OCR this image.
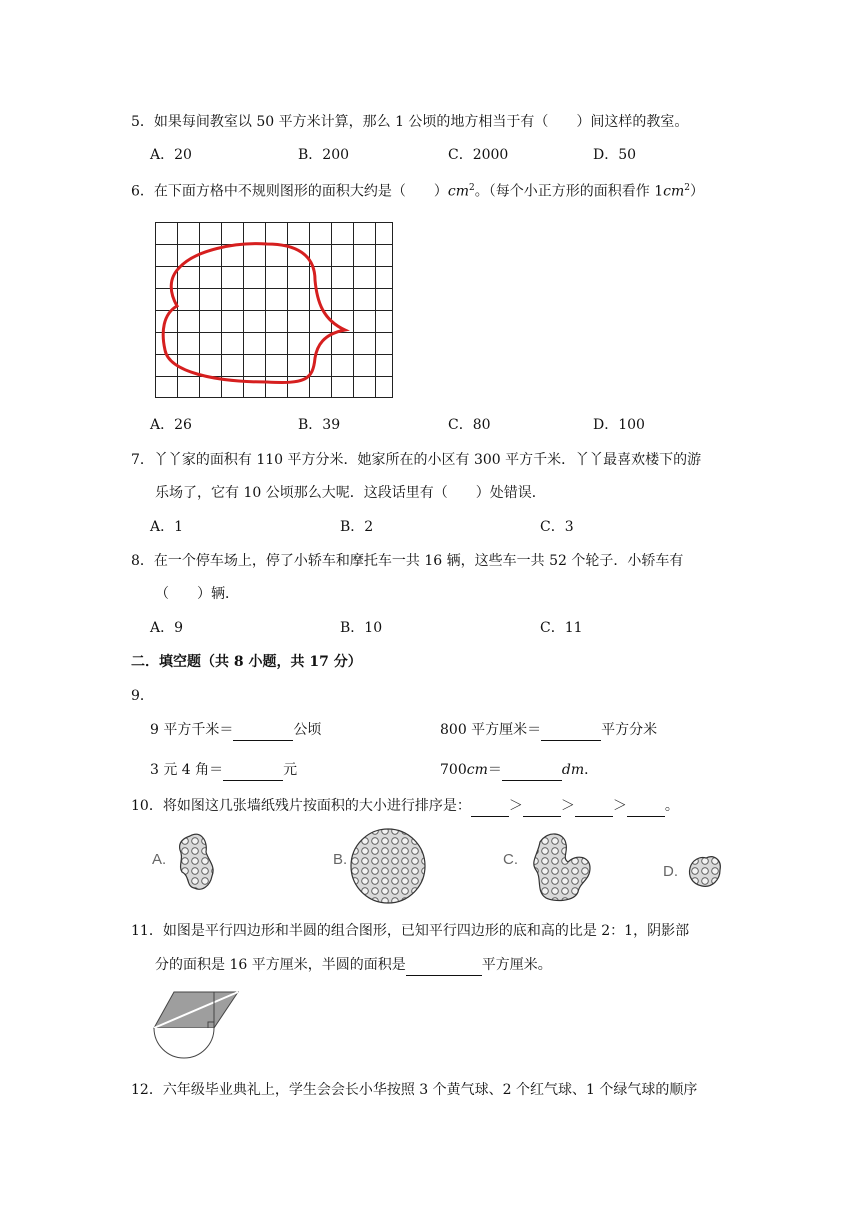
5．如果每间教室以 50 平方米计算，那么 1 公顷的地方相当于有（　　）间这样的教室。
A．20	B．200	C．2000	D．50
6．在下面方格中不规则图形的面积大约是（　　）$cm^2$。（每个小正方形的面积看作 $1cm^2$）
A．26	B．39	C．80	D．100
7．丫丫家的面积有 110 平方分米．她家所在的小区有 300 平方千米．丫丫最喜欢楼下的游
乐场了，它有 10 公顷那么大呢．这段话里有（　　）处错误．
A．1	B．2	C．3
8．在一个停车场上，停了小轿车和摩托车一共 16 辆，这些车一共 52 个轮子．小轿车有
（　　）辆．
A．9	B．10	C．11
二．填空题（共 8 小题，共 17 分）
9．
9 平方千米＝	公顷	800 平方厘米＝	平方分米
3 元 4 角＝	元	700cm＝	dm．
10．将如图这几张墙纸残片按面积的大小进行排序是：	＞	＞	＞	。
A.	B.	C.
D.
11．如图是平行四边形和半圆的组合图形，已知平行四边形的底和高的比是 2：1，阴影部
分的面积是 16 平方厘米，半圆的面积是	平方厘米。
12．六年级毕业典礼上，学生会会长小华按照 3 个黄气球、2 个红气球、1 个绿气球的顺序
